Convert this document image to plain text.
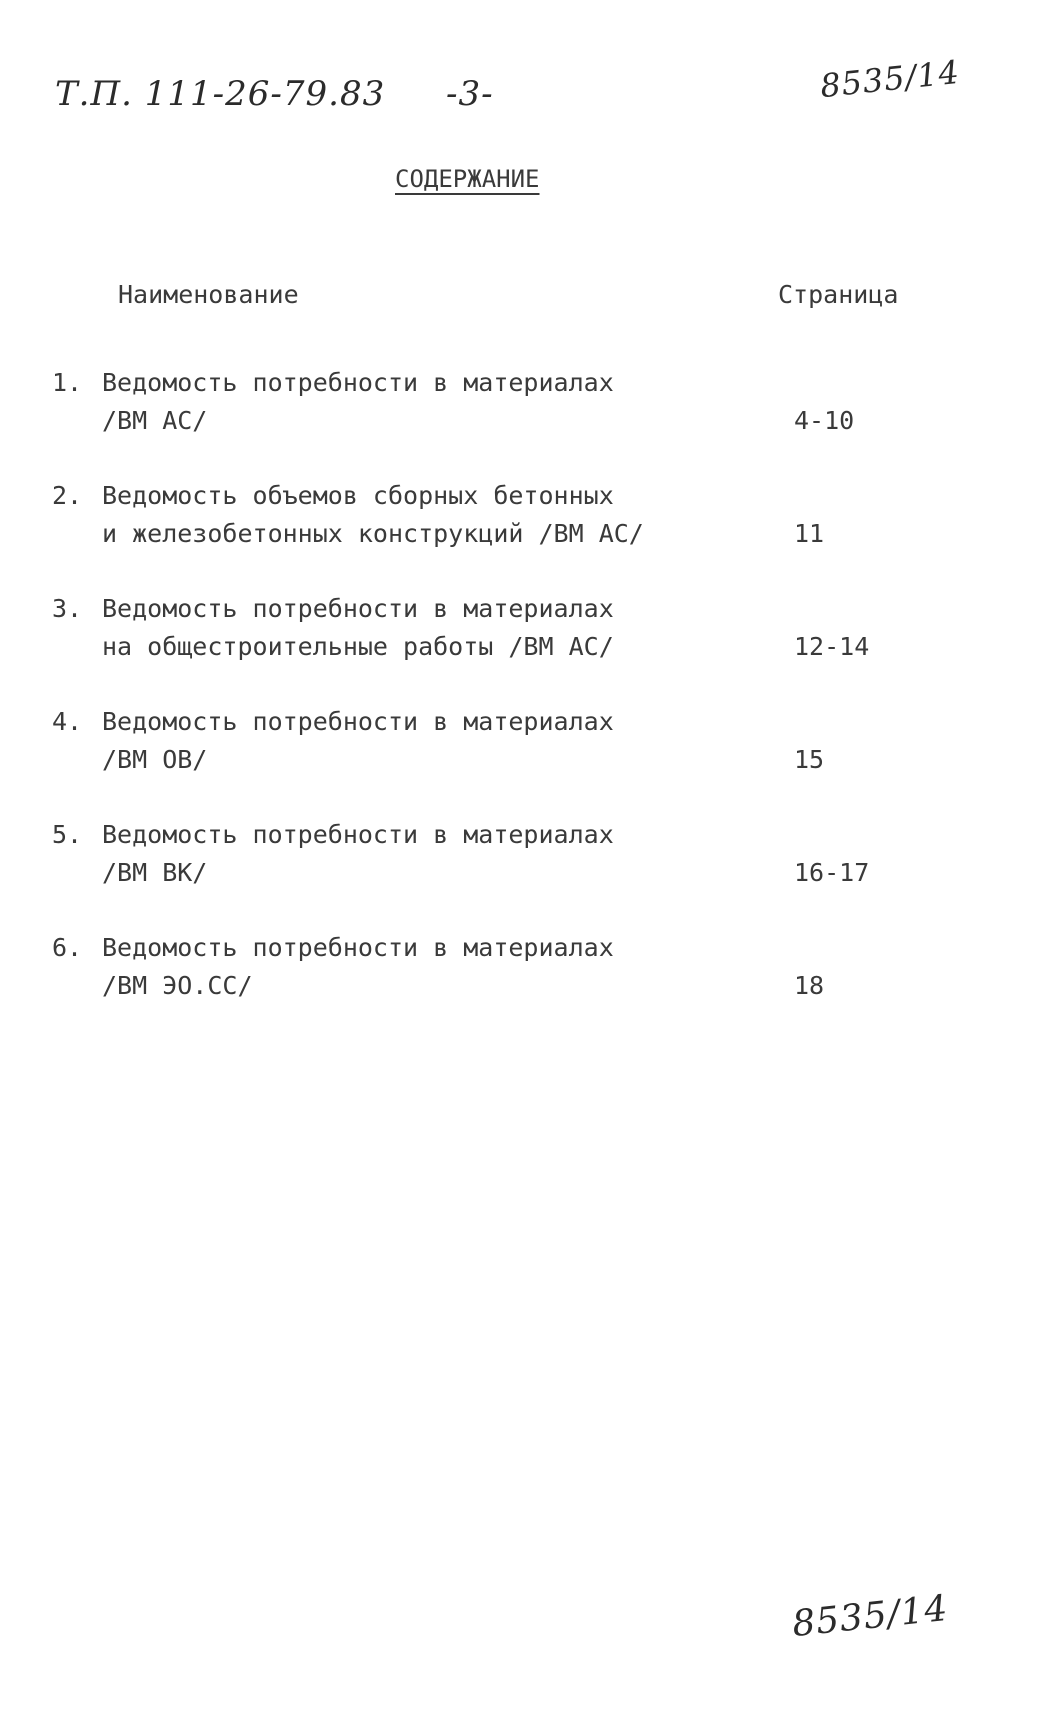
Т.П. 111-26-79.83 -3-	8535/14
СОДЕРЖАНИЕ
Наименование	Страница
1. Ведомость потребности в материалах
/ВМ АС/	4-10
2. Ведомость объемов сборных бетонных
и железобетонных конструкций /ВМ АС/	11
3. Ведомость потребности в материалах
на общестроительные работы /ВМ АС/	12-14
4. Ведомость потребности в материалах
/ВМ ОВ/	15
5. Ведомость потребности в материалах
/ВМ ВК/	16-17
6. Ведомость потребности в материалах
/ВМ ЭО.СС/	18
8535/14
